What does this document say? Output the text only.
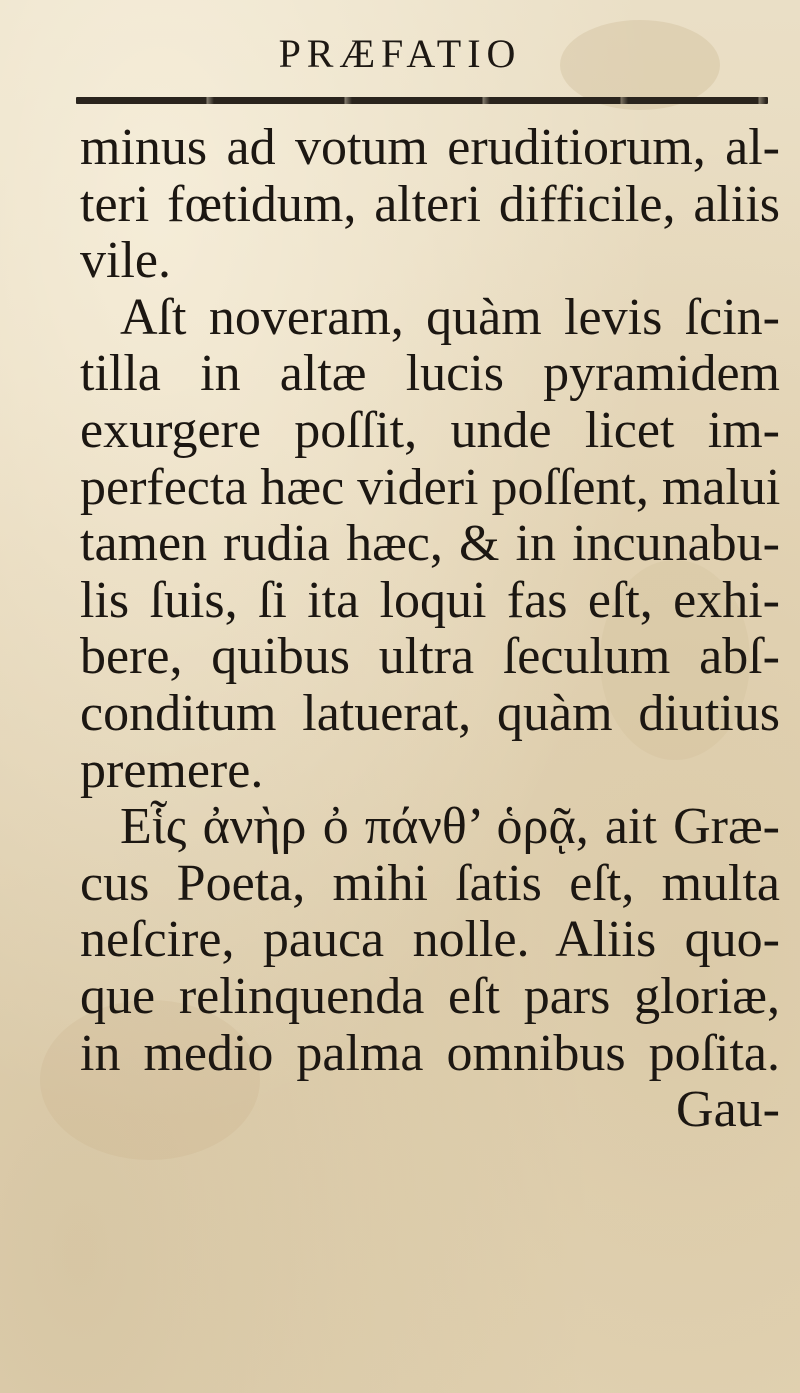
PRÆFATIO
minus ad votum eruditiorum, al-
teri fœtidum, alteri difficile, aliis
vile.
Aſt noveram, quàm levis ſcin-
tilla in altæ lucis pyramidem
exurgere poſſit, unde licet im-
perfecta hæc videri poſſent, malui
tamen rudia hæc, & in incunabu-
lis ſuis, ſi ita loqui fas eſt, exhi-
bere, quibus ultra ſeculum abſ-
conditum latuerat, quàm diutius
premere.
Εἷς ἀνὴρ ὀ πάνθ’ ὁρᾷ, ait Græ-
cus Poeta, mihi ſatis eſt, multa
neſcire, pauca nolle. Aliis quo-
que relinquenda eſt pars gloriæ,
in medio palma omnibus poſita.
Gau-
